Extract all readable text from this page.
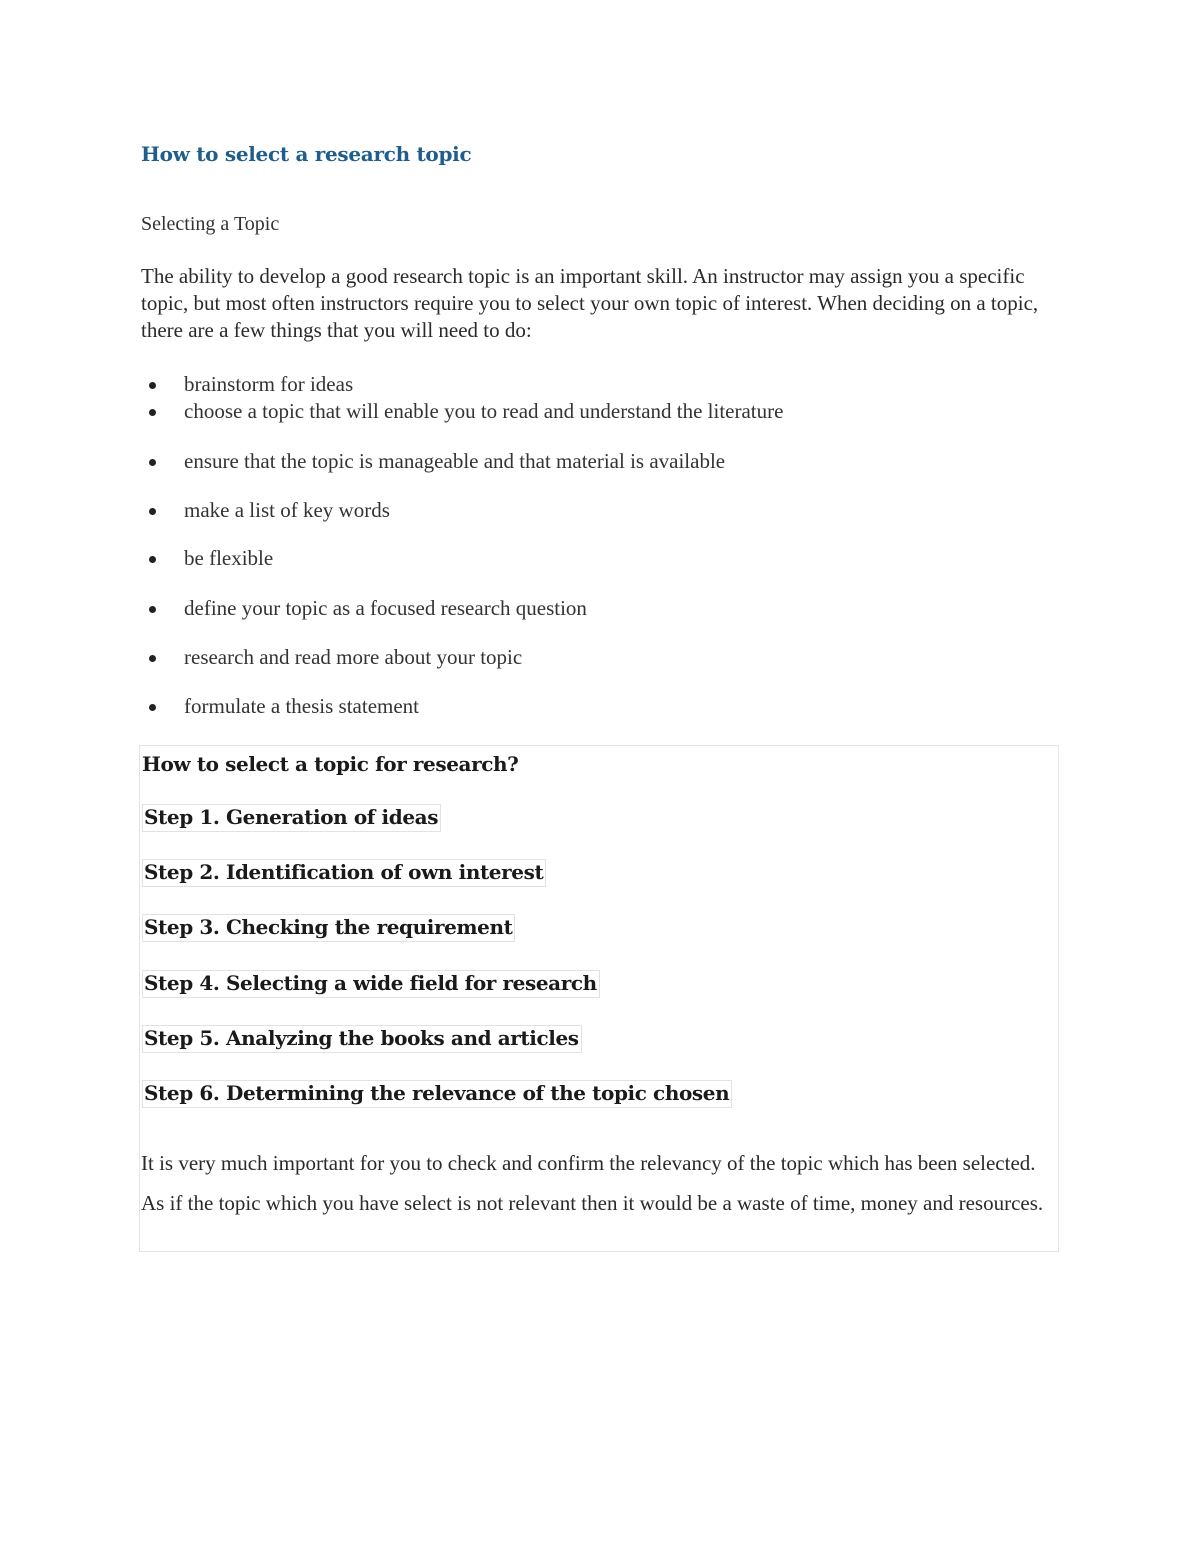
How to select a research topic
Selecting a Topic

The ability to develop a good research topic is an important skill. An instructor may assign you a specific topic, but most often instructors require you to select your own topic of interest. When deciding on a topic, there are a few things that you will need to do:

brainstorm for ideas
choose a topic that will enable you to read and understand the literature
ensure that the topic is manageable and that material is available
make a list of key words
be flexible
define your topic as a focused research question
research and read more about your topic
formulate a thesis statement
How to select a topic for research?
Step 1. Generation of ideas
Step 2. Identification of own interest
Step 3. Checking the requirement
Step 4. Selecting a wide field for research
Step 5. Analyzing the books and articles
Step 6. Determining the relevance of the topic chosen

It is very much important for you to check and confirm the relevancy of the topic which has been selected. As if the topic which you have select is not relevant then it would be a waste of time, money and resources.
